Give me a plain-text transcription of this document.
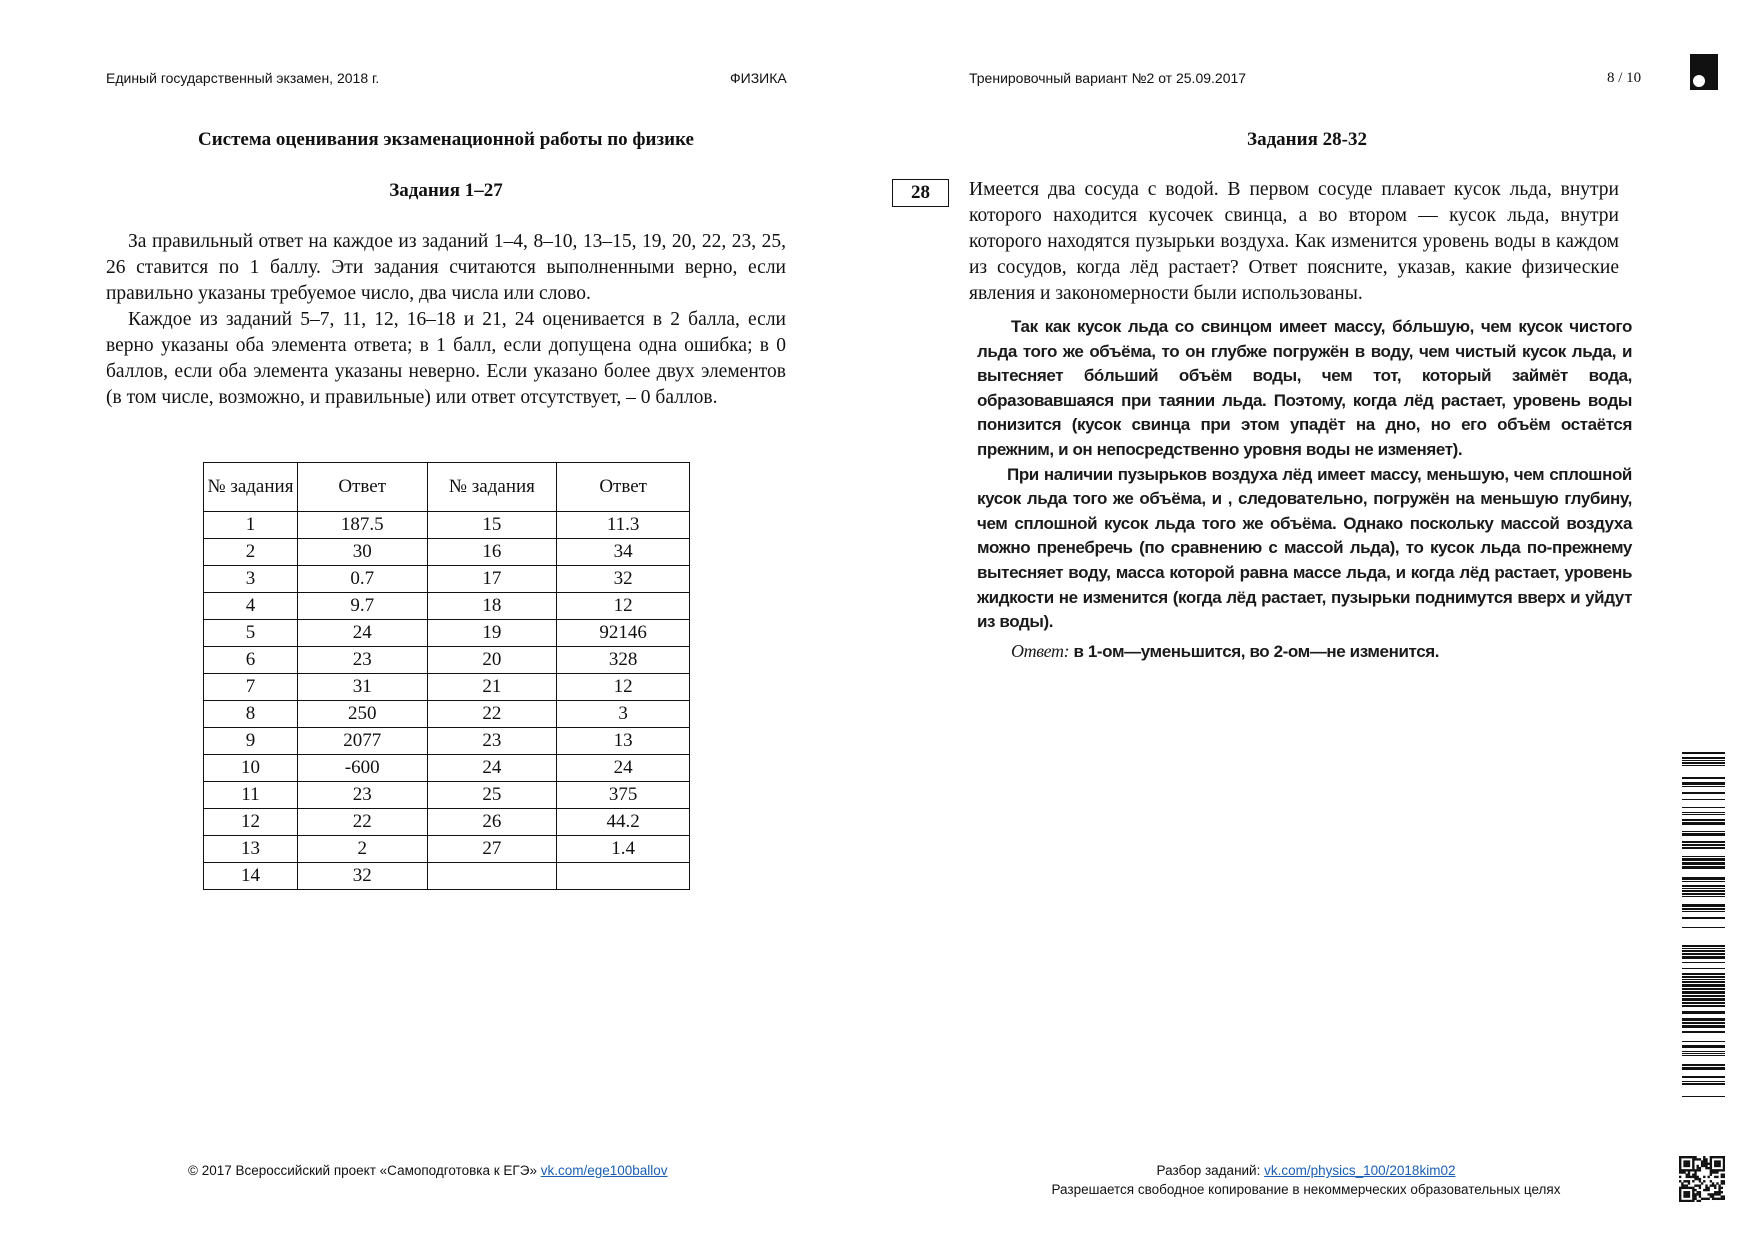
Единый государственный экзамен, 2018 г.	ФИЗИКА	Тренировочный вариант №2 от 25.09.2017	8 / 10
Система оценивания экзаменационной работы по физике
Задания 1–27

За правильный ответ на каждое из заданий 1–4, 8–10, 13–15, 19, 20, 22, 23, 25, 26 ставится по 1 баллу. Эти задания считаются выполненными верно, если правильно указаны требуемое число, два числа или слово.

Каждое из заданий 5–7, 11, 12, 16–18 и 21, 24 оценивается в 2 балла, если верно указаны оба элемента ответа; в 1 балл, если допущена одна ошибка; в 0 баллов, если оба элемента указаны неверно. Если указано более двух элементов (в том числе, возможно, и правильные) или ответ отсутствует, – 0 баллов.

№ задания	Ответ	№ задания	Ответ
1	187.5	15	11.3
2	30	16	34
3	0.7	17	32
4	9.7	18	12
5	24	19	92146
6	23	20	328
7	31	21	12
8	250	22	3
9	2077	23	13
10	-600	24	24
11	23	25	375
12	22	26	44.2
13	2	27	1.4
14	32		
Задания 28-32
28	Имеется два сосуда с водой. В первом сосуде плавает кусок льда, внутри которого находится кусочек свинца, а во втором — кусок льда, внутри которого находятся пузырьки воздуха. Как изменится уровень воды в каждом из сосудов, когда лёд растает? Ответ поясните, указав, какие физические явления и закономерности были использованы.

Так как кусок льда со свинцом имеет массу, бóльшую, чем кусок чистого льда того же объёма, то он глубже погружён в воду, чем чистый кусок льда, и вытесняет бóльший объём воды, чем тот, который займёт вода, образовавшаяся при таянии льда. Поэтому, когда лёд растает, уровень воды понизится (кусок свинца при этом упадёт на дно, но его объём остаётся прежним, и он непосредственно уровня воды не изменяет).

При наличии пузырьков воздуха лёд имеет массу, меньшую, чем сплошной кусок льда того же объёма, и , следовательно, погружён на меньшую глубину, чем сплошной кусок льда того же объёма. Однако поскольку массой воздуха можно пренебречь (по сравнению с массой льда), то кусок льда по-прежнему вытесняет воду, масса которой равна массе льда, и когда лёд растает, уровень жидкости не изменится (когда лёд растает, пузырьки поднимутся вверх и уйдут из воды).

Ответ: в 1-ом—уменьшится, во 2-ом—не изменится.

© 2017 Всероссийский проект «Самоподготовка к ЕГЭ» vk.com/ege100ballov	Разбор заданий: vk.com/physics_100/2018kim02
Разрешается свободное копирование в некоммерческих образовательных целях
